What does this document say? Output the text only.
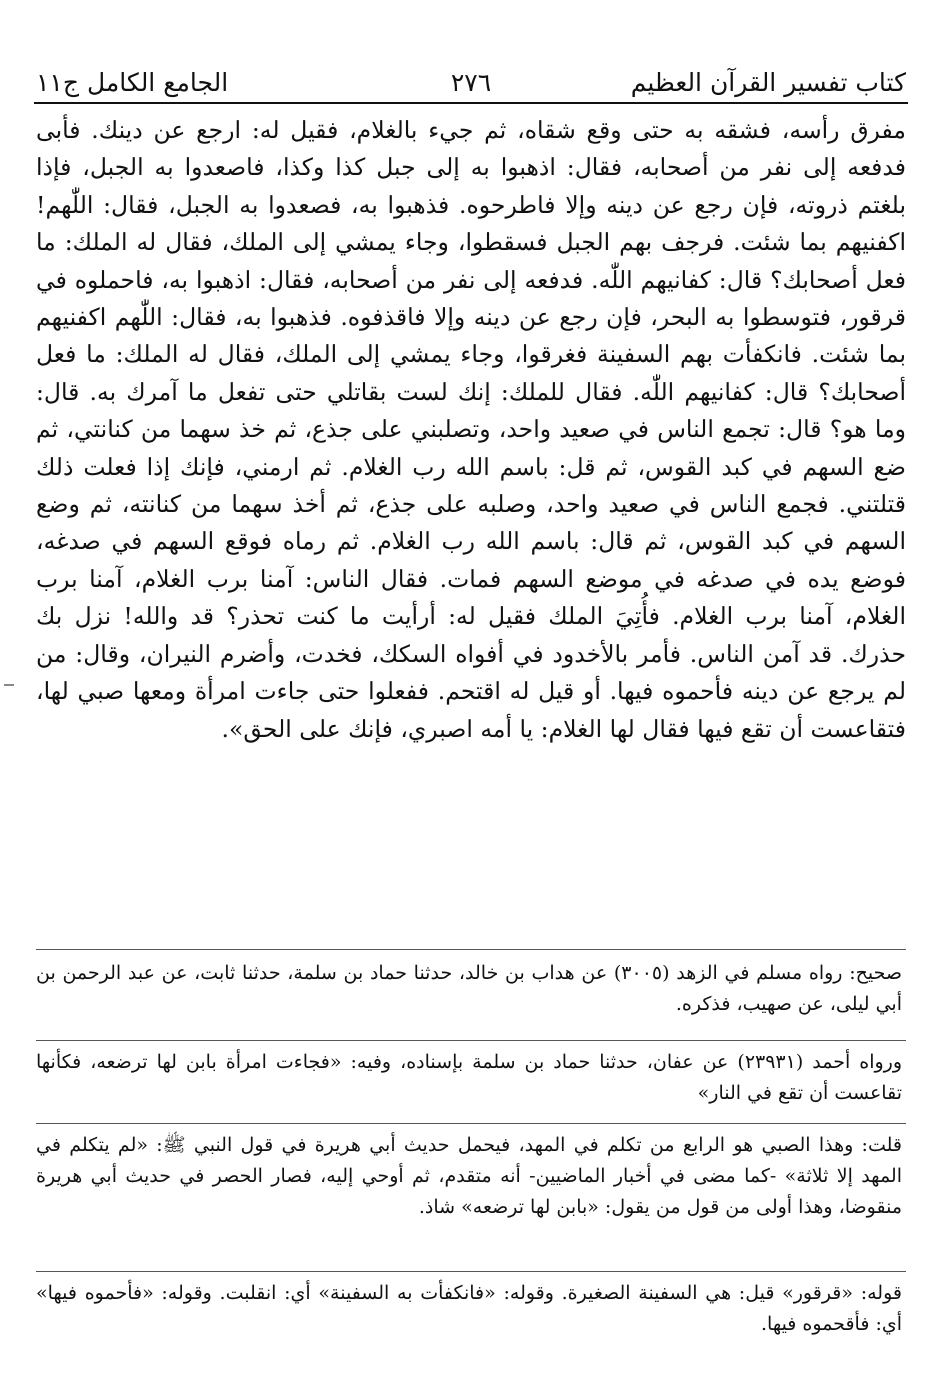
كتاب تفسير القرآن العظيم
٢٧٦
الجامع الكامل ج١١

مفرق رأسه، فشقه به حتى وقع شقاه، ثم جيء بالغلام، فقيل له: ارجع عن دينك. فأبى فدفعه إلى نفر من أصحابه، فقال: اذهبوا به إلى جبل كذا وكذا، فاصعدوا به الجبل، فإذا بلغتم ذروته، فإن رجع عن دينه وإلا فاطرحوه. فذهبوا به، فصعدوا به الجبل، فقال: اللّٰهم! اكفنيهم بما شئت. فرجف بهم الجبل فسقطوا، وجاء يمشي إلى الملك، فقال له الملك: ما فعل أصحابك؟ قال: كفانيهم اللّٰه. فدفعه إلى نفر من أصحابه، فقال: اذهبوا به، فاحملوه في قرقور، فتوسطوا به البحر، فإن رجع عن دينه وإلا فاقذفوه. فذهبوا به، فقال: اللّٰهم اكفنيهم بما شئت. فانكفأت بهم السفينة فغرقوا، وجاء يمشي إلى الملك، فقال له الملك: ما فعل أصحابك؟ قال: كفانيهم اللّٰه. فقال للملك: إنك لست بقاتلي حتى تفعل ما آمرك به. قال: وما هو؟ قال: تجمع الناس في صعيد واحد، وتصلبني على جذع، ثم خذ سهما من كنانتي، ثم ضع السهم في كبد القوس، ثم قل: باسم الله رب الغلام. ثم ارمني، فإنك إذا فعلت ذلك قتلتني. فجمع الناس في صعيد واحد، وصلبه على جذع، ثم أخذ سهما من كنانته، ثم وضع السهم في كبد القوس، ثم قال: باسم الله رب الغلام. ثم رماه فوقع السهم في صدغه، فوضع يده في صدغه في موضع السهم فمات. فقال الناس: آمنا برب الغلام، آمنا برب الغلام، آمنا برب الغلام. فأُتِيَ الملك فقيل له: أرأيت ما كنت تحذر؟ قد والله! نزل بك حذرك. قد آمن الناس. فأمر بالأخدود في أفواه السكك، فخدت، وأضرم النيران، وقال: من لم يرجع عن دينه فأحموه فيها. أو قيل له اقتحم. ففعلوا حتى جاءت امرأة ومعها صبي لها، فتقاعست أن تقع فيها فقال لها الغلام: يا أمه اصبري، فإنك على الحق».

صحيح: رواه مسلم في الزهد (٣٠٠٥) عن هداب بن خالد، حدثنا حماد بن سلمة، حدثنا ثابت، عن عبد الرحمن بن أبي ليلى، عن صهيب، فذكره.

ورواه أحمد (٢٣٩٣١) عن عفان، حدثنا حماد بن سلمة بإسناده، وفيه: «فجاءت امرأة بابن لها ترضعه، فكأنها تقاعست أن تقع في النار»

قلت: وهذا الصبي هو الرابع من تكلم في المهد، فيحمل حديث أبي هريرة في قول النبي ﷺ: «لم يتكلم في المهد إلا ثلاثة» -كما مضى في أخبار الماضيين- أنه متقدم، ثم أوحي إليه، فصار الحصر في حديث أبي هريرة منقوضا، وهذا أولى من قول من يقول: «بابن لها ترضعه» شاذ.

قوله: «قرقور» قيل: هي السفينة الصغيرة. وقوله: «فانكفأت به السفينة» أي: انقلبت. وقوله: «فأحموه فيها» أي: فأقحموه فيها.
